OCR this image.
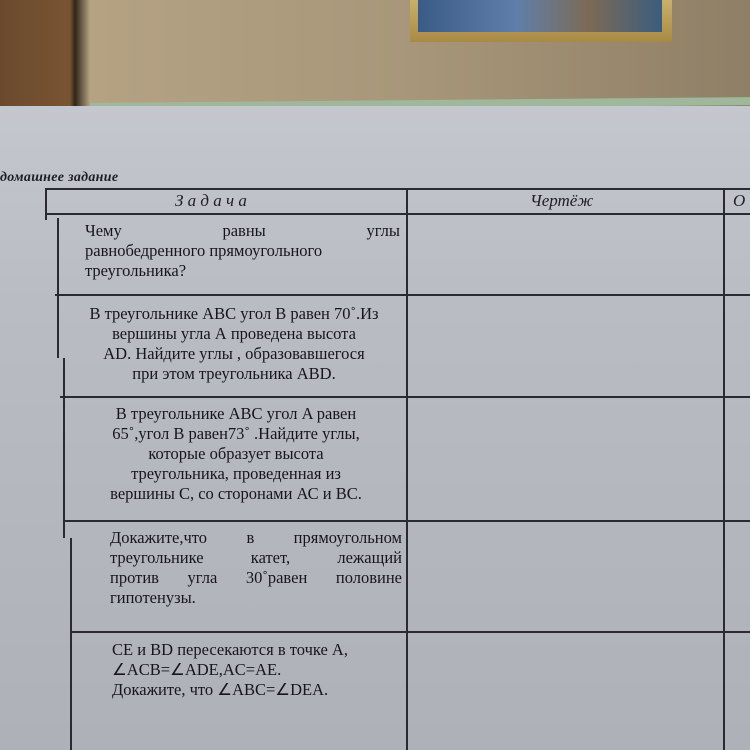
домашнее задание
З а д а ч а	Чертёж	О
Чему равны углы
равнобедренного прямоугольного
треугольника?
В треугольнике ABC угол B равен 70˚.Из
вершины угла А проведена высота
AD. Найдите углы , образовавшегося
при этом треугольника ABD.
В треугольнике ABC угол A равен
65˚,угол B равен73˚ .Найдите углы,
которые образует высота
треугольника, проведенная из
вершины С, со сторонами АС и ВС.
Докажите,что в прямоугольном
треугольнике катет, лежащий
против угла 30˚равен половине
гипотенузы.
CE и BD пересекаются в точке А,
∠ACB=∠ADE,AC=AE.
Докажите, что ∠ABC=∠DEA.
